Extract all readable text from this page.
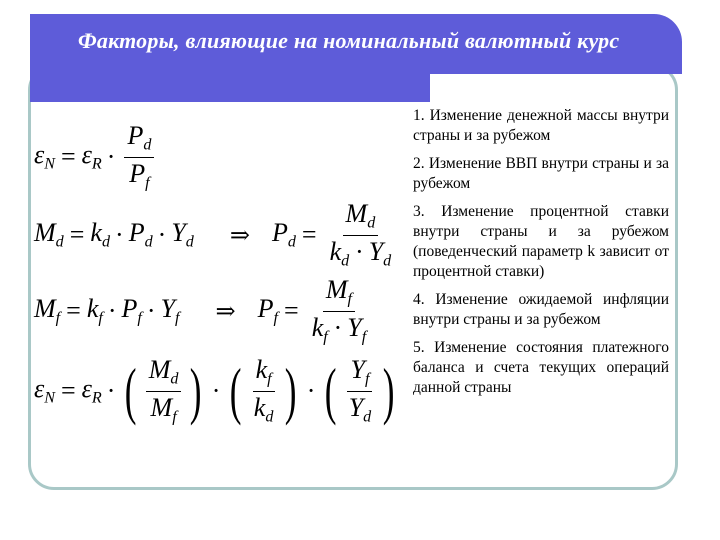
Факторы, влияющие на номинальный валютный курс
$\varepsilon_N = \varepsilon_R \cdot \frac{P_d}{P_f}$
$M_d = k_d \cdot P_d \cdot Y_d$ ⇒ $P_d = \frac{M_d}{k_d \cdot Y_d}$
$M_f = k_f \cdot P_f \cdot Y_f$ ⇒ $P_f = \frac{M_f}{k_f \cdot Y_f}$
$\varepsilon_N = \varepsilon_R$ · ( $\frac{M_d}{M_f}$ ) · ( $\frac{k_f}{k_d}$ ) · ( $\frac{Y_f}{Y_d}$ )
1. Изменение денежной массы внутри страны и за рубежом
2. Изменение ВВП внутри страны и за рубежом
3. Изменение процентной ставки внутри страны и за рубежом (поведенческий параметр k зависит от процентной ставки)
4. Изменение ожидаемой инфляции внутри страны и за рубежом
5. Изменение состояния платежного баланса и счета текущих операций данной страны
